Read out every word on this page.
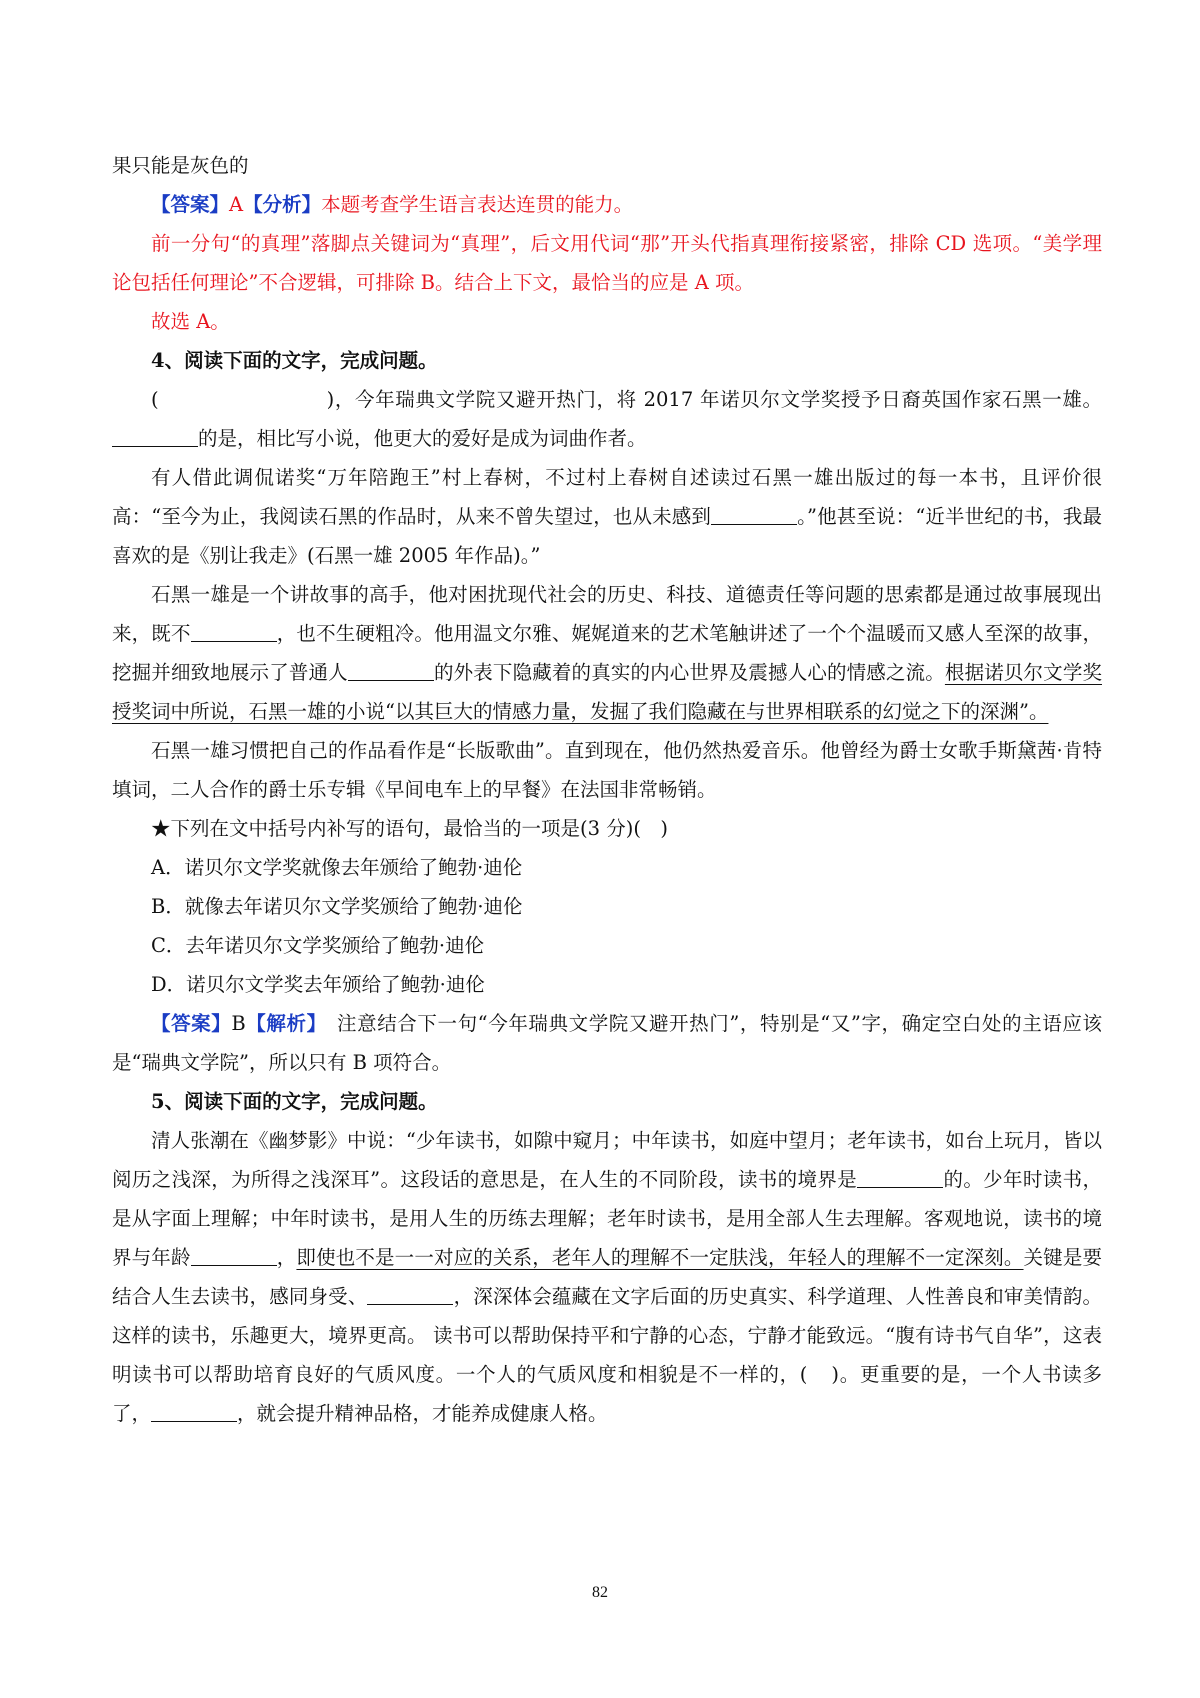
果只能是灰色的

【答案】A【分析】本题考查学生语言表达连贯的能力。

前一分句“的真理”落脚点关键词为“真理”，后文用代词“那”开头代指真理衔接紧密，排除 CD 选项。“美学理论包括任何理论”不合逻辑，可排除 B。结合上下文，最恰当的应是 A 项。

故选 A。

4、阅读下面的文字，完成问题。

(	)，今年瑞典文学院又避开热门，将 2017 年诺贝尔文学奖授予日裔英国作家石黑一雄。的是，相比写小说，他更大的爱好是成为词曲作者。

有人借此调侃诺奖“万年陪跑王”村上春树，不过村上春树自述读过石黑一雄出版过的每一本书，且评价很高：“至今为止，我阅读石黑的作品时，从来不曾失望过，也从未感到	。”他甚至说：“近半世纪的书，我最喜欢的是《别让我走》(石黑一雄 2005 年作品)。”

石黑一雄是一个讲故事的高手，他对困扰现代社会的历史、科技、道德责任等问题的思索都是通过故事展现出来，既不	，也不生硬粗冷。他用温文尔雅、娓娓道来的艺术笔触讲述了一个个温暖而又感人至深的故事，挖掘并细致地展示了普通人	的外表下隐藏着的真实的内心世界及震撼人心的情感之流。根据诺贝尔文学奖授奖词中所说，石黑一雄的小说“以其巨大的情感力量，发掘了我们隐藏在与世界相联系的幻觉之下的深渊”。

石黑一雄习惯把自己的作品看作是“长版歌曲”。直到现在，他仍然热爱音乐。他曾经为爵士女歌手斯黛茜·肯特填词，二人合作的爵士乐专辑《早间电车上的早餐》在法国非常畅销。

★下列在文中括号内补写的语句，最恰当的一项是(3 分)(　)

A．诺贝尔文学奖就像去年颁给了鲍勃·迪伦

B．就像去年诺贝尔文学奖颁给了鲍勃·迪伦

C．去年诺贝尔文学奖颁给了鲍勃·迪伦

D．诺贝尔文学奖去年颁给了鲍勃·迪伦

【答案】B【解析】　注意结合下一句“今年瑞典文学院又避开热门”，特别是“又”字，确定空白处的主语应该是“瑞典文学院”，所以只有 B 项符合。

5、阅读下面的文字，完成问题。

清人张潮在《幽梦影》中说：“少年读书，如隙中窥月；中年读书，如庭中望月；老年读书，如台上玩月，皆以阅历之浅深，为所得之浅深耳”。这段话的意思是，在人生的不同阶段，读书的境界是	的。少年时读书，是从字面上理解；中年时读书，是用人生的历练去理解；老年时读书，是用全部人生去理解。客观地说，读书的境界与年龄	，即使也不是一一对应的关系，老年人的理解不一定肤浅，年轻人的理解不一定深刻。关键是要结合人生去读书，感同身受、	，深深体会蕴藏在文字后面的历史真实、科学道理、人性善良和审美情韵。这样的读书，乐趣更大，境界更高。 读书可以帮助保持平和宁静的心态，宁静才能致远。“腹有诗书气自华”，这表明读书可以帮助培育良好的气质风度。一个人的气质风度和相貌是不一样的，( )。更重要的是，一个人书读多了，	，就会提升精神品格，才能养成健康人格。

82
